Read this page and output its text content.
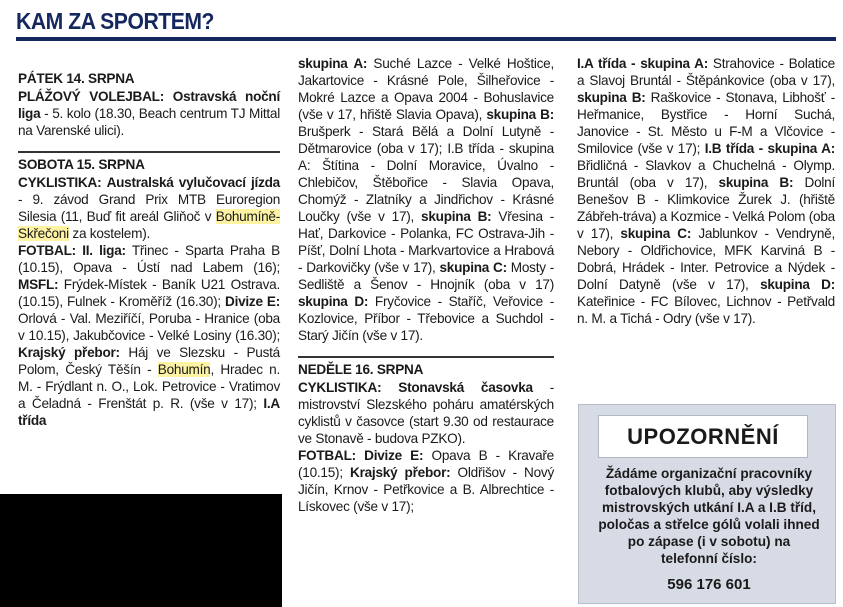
KAM ZA SPORTEM?
PÁTEK 14. SRPNA

PLÁŽOVÝ VOLEJBAL: Ostravská noční liga - 5. kolo (18.30, Beach centrum TJ Mittal na Varenské ulici).

SOBOTA 15. SRPNA

CYKLISTIKA: Australská vylučovací jízda - 9. závod Grand Prix MTB Euroregion Silesia (11, Buď fit areál Gliňoč v Bohumíně-Skřečoni za kostelem).

FOTBAL: II. liga: Třinec - Sparta Praha B (10.15), Opava - Ústí nad Labem (16); MSFL: Frýdek-Místek - Baník U21 Ostrava. (10.15), Fulnek - Kroměříž (16.30); Divize E: Orlová - Val. Meziříčí, Poruba - Hranice (oba v 10.15), Jakubčovice - Velké Losiny (16.30); Krajský přebor: Háj ve Slezsku - Pustá Polom, Český Těšín - Bohumín, Hradec n. M. - Frýdlant n. O., Lok. Petrovice - Vratimov a Čeladná - Frenštát p. R. (vše v 17); I.A třída

skupina A: Suché Lazce - Velké Hoštice, Jakartovice - Krásné Pole, Šilheřovice - Mokré Lazce a Opava 2004 - Bohuslavice (vše v 17, hřiště Slavia Opava), skupina B: Brušperk - Stará Bělá a Dolní Lutyně - Dětmarovice (oba v 17); I.B třída - skupina A: Štítina - Dolní Moravice, Úvalno - Chlebičov, Štěbořice - Slavia Opava, Chomýž - Zlatníky a Jindřichov - Krásné Loučky (vše v 17), skupina B: Vřesina - Hať, Darkovice - Polanka, FC Ostrava-Jih - Píšť, Dolní Lhota - Markvartovice a Hrabová - Darkovičky (vše v 17), skupina C: Mosty - Sedliště a Šenov - Hnojník (oba v 17) skupina D: Fryčovice - Staříč, Veřovice - Kozlovice, Příbor - Třebovice a Suchdol - Starý Jičín (vše v 17).

NEDĚLE 16. SRPNA

CYKLISTIKA: Stonavská časovka - mistrovství Slezského poháru amatérských cyklistů v časovce (start 9.30 od restaurace ve Stonavě - budova PZKO).

FOTBAL: Divize E: Opava B - Kravaře (10.15); Krajský přebor: Oldřišov - Nový Jičín, Krnov - Petřkovice a B. Albrechtice - Lískovec (vše v 17);

I.A třída - skupina A: Strahovice - Bolatice a Slavoj Bruntál - Štěpánkovice (oba v 17), skupina B: Raškovice - Stonava, Libhošť - Heřmanice, Bystřice - Horní Suchá, Janovice - St. Město u F-M a Vlčovice - Smilovice (vše v 17); I.B třída - skupina A: Břidličná - Slavkov a Chuchelná - Olymp. Bruntál (oba v 17), skupina B: Dolní Benešov B - Klimkovice Žurek J. (hřiště Zábřeh-tráva) a Kozmice - Velká Polom (oba v 17), skupina C: Jablunkov - Vendryně, Nebory - Oldřichovice, MFK Karviná B - Dobrá, Hrádek - Inter. Petrovice a Nýdek - Dolní Datyně (vše v 17), skupina D: Kateřinice - FC Bílovec, Lichnov - Petřvald n. M. a Tichá - Odry (vše v 17).

UPOZORNĚNÍ
Žádáme organizační pracovníky fotbalových klubů, aby výsledky mistrovských utkání I.A a I.B tříd, poločas a střelce gólů volali ihned po zápase (i v sobotu) na telefonní číslo:
596 176 601
